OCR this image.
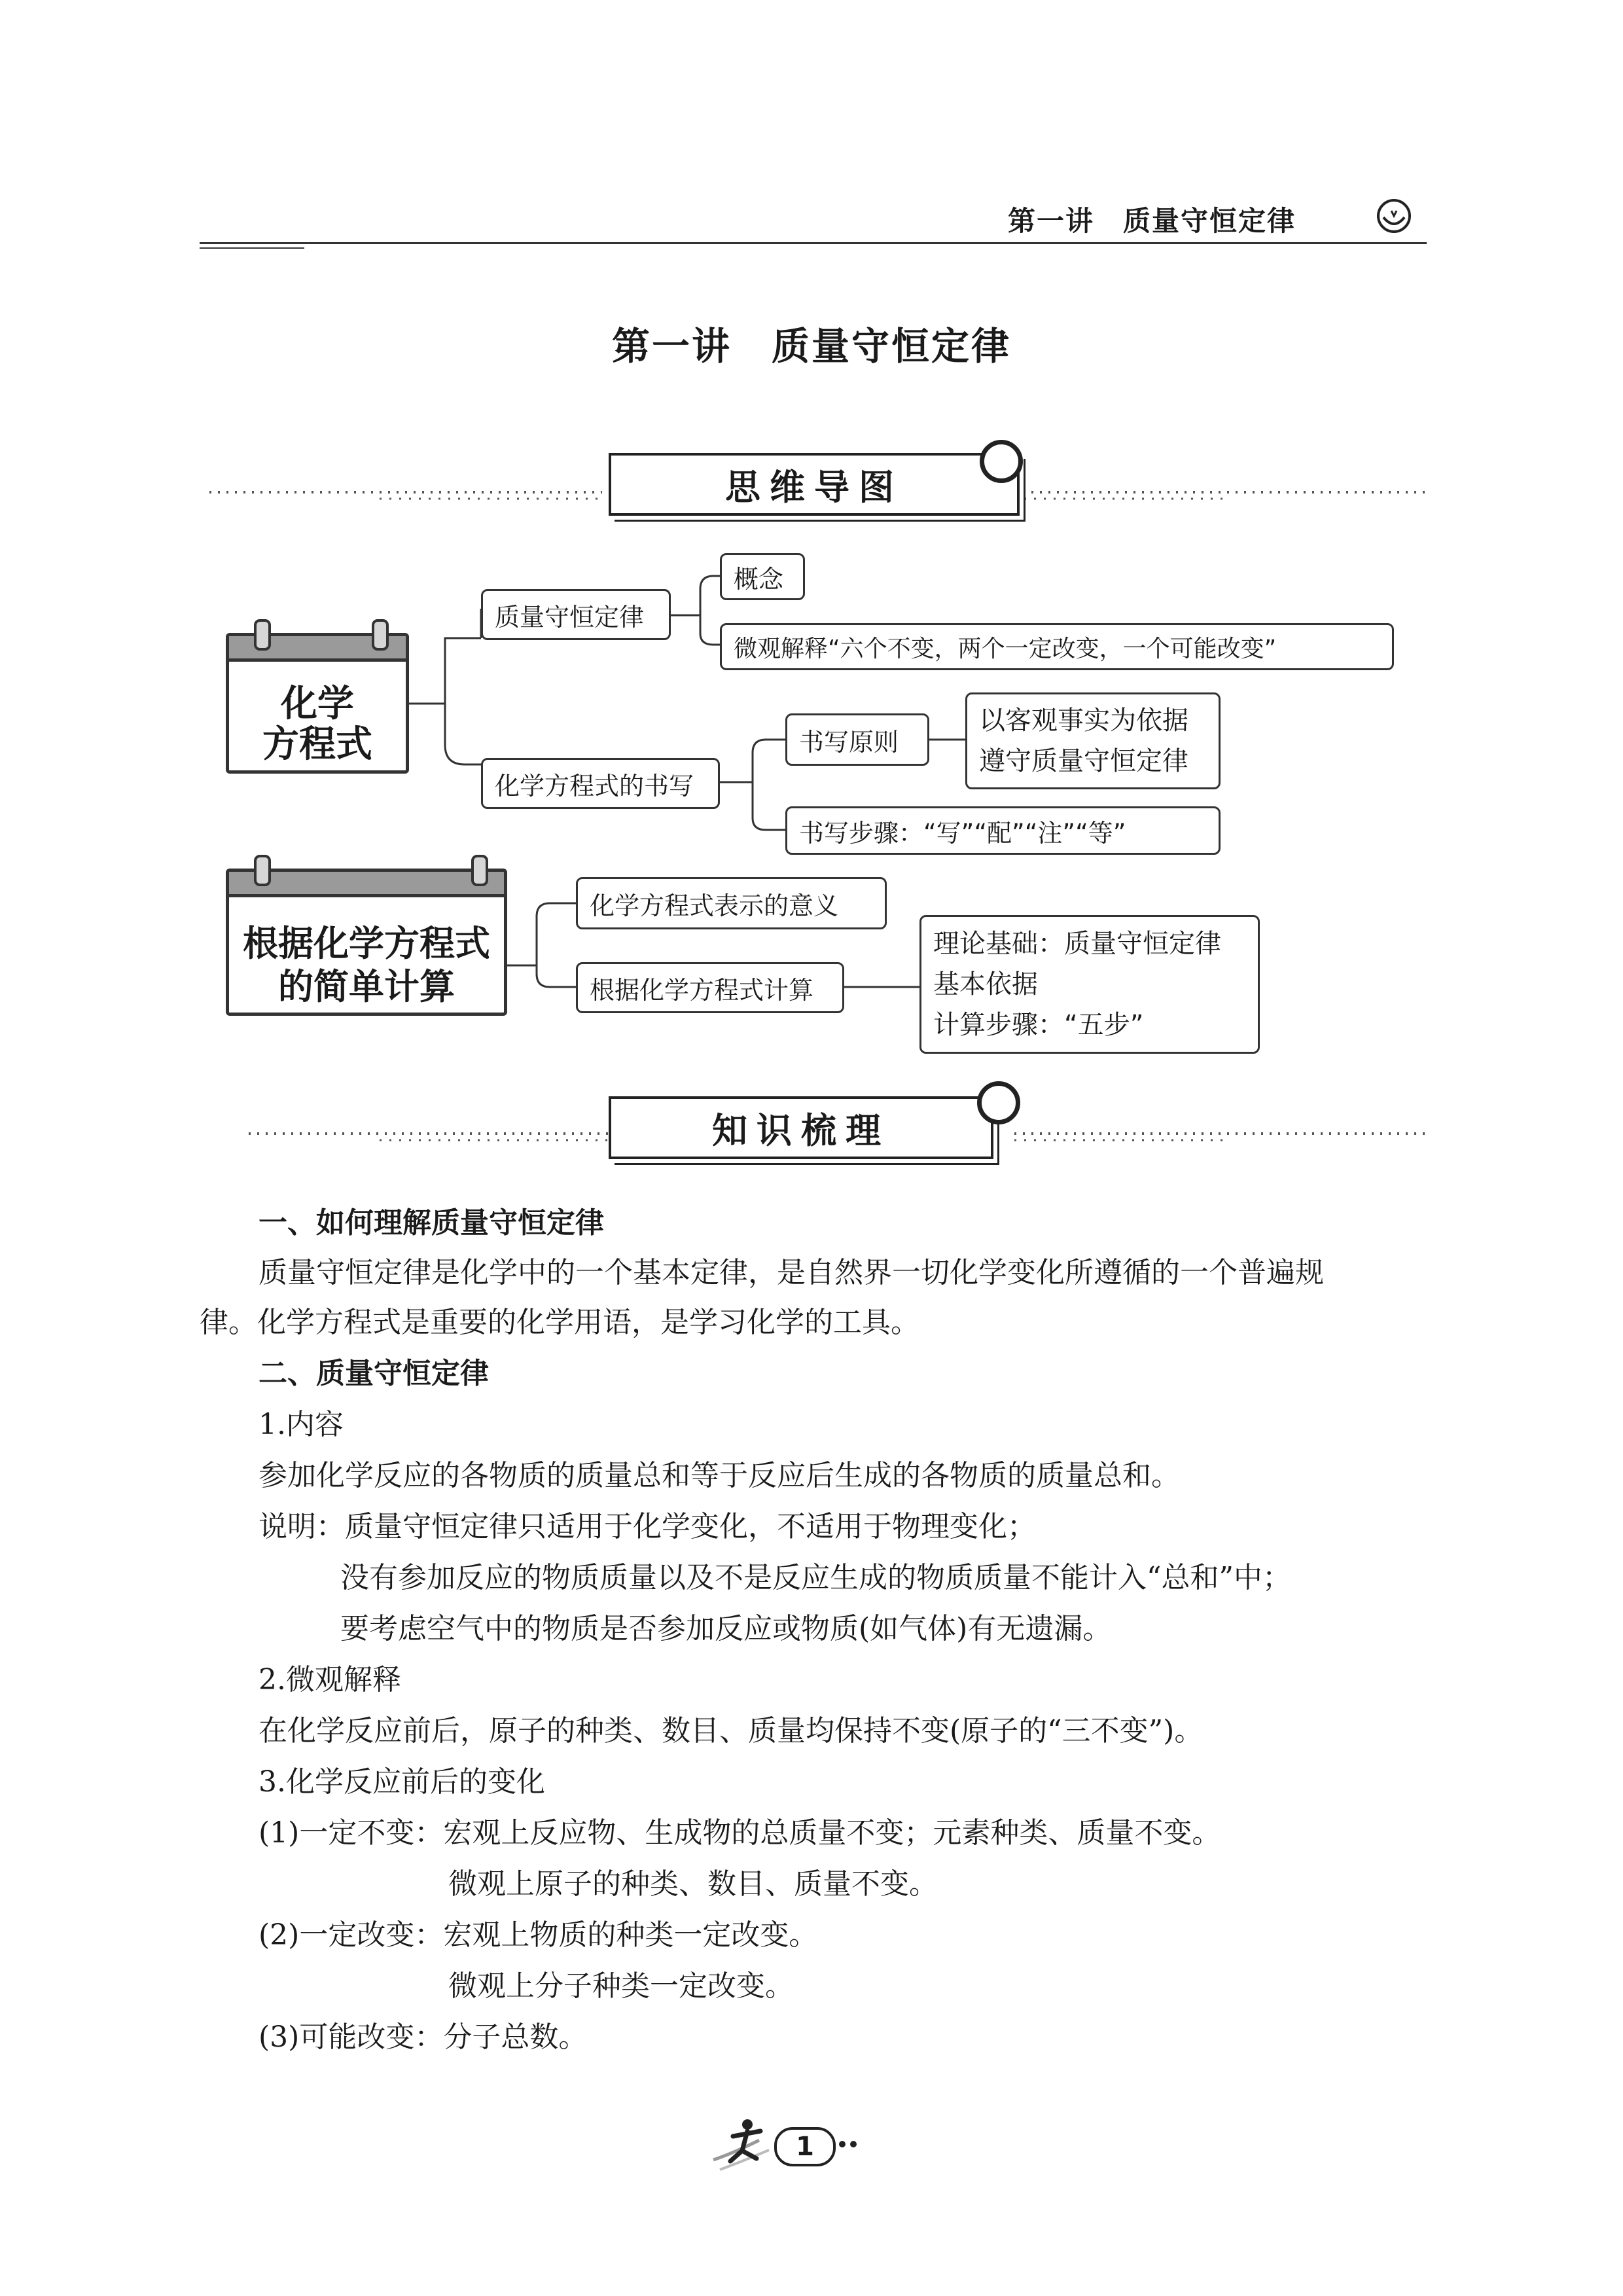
第一讲　质量守恒定律
第一讲　质量守恒定律
思维导图
化学
方程式
质量守恒定律
概念
微观解释“六个不变，两个一定改变，一个可能改变”
化学方程式的书写
书写原则
以客观事实为依据
遵守质量守恒定律
书写步骤：“写”“配”“注”“等”
根据化学方程式
的简单计算
化学方程式表示的意义
根据化学方程式计算
理论基础：质量守恒定律
基本依据
计算步骤：“五步”
知识梳理
一、如何理解质量守恒定律
质量守恒定律是化学中的一个基本定律，是自然界一切化学变化所遵循的一个普遍规
律。化学方程式是重要的化学用语，是学习化学的工具。
二、质量守恒定律
1.内容
参加化学反应的各物质的质量总和等于反应后生成的各物质的质量总和。
说明：质量守恒定律只适用于化学变化，不适用于物理变化；
没有参加反应的物质质量以及不是反应生成的物质质量不能计入“总和”中；
要考虑空气中的物质是否参加反应或物质(如气体)有无遗漏。
2.微观解释
在化学反应前后，原子的种类、数目、质量均保持不变(原子的“三不变”)。
3.化学反应前后的变化
(1)一定不变：宏观上反应物、生成物的总质量不变；元素种类、质量不变。
微观上原子的种类、数目、质量不变。
(2)一定改变：宏观上物质的种类一定改变。
微观上分子种类一定改变。
(3)可能改变：分子总数。
1
